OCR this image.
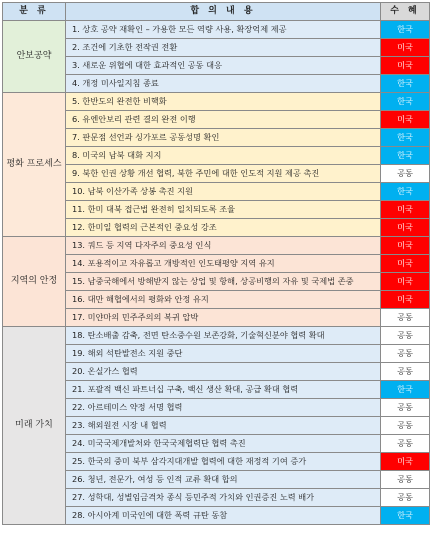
분 류	합 의 내 용	수 혜
안보공약	1. 상호 공약 재확인 – 가용한 모든 역량 사용, 확장억제 제공	한국
	2. 조건에 기초한 전작권 전환	미국
	3. 새로운 위협에 대한 효과적인 공동 대응	미국
	4. 개정 미사일지침 종료	한국
평화 프로세스	5. 한반도의 완전한 비핵화	한국
	6. 유엔안보리 관련 결의 완전 이행	미국
	7. 판문점 선언과 싱가포르 공동성명 확인	한국
	8. 미국의 남북 대화 지지	한국
	9. 북한 인권 상황 개선 협력, 북한 주민에 대한 인도적 지원 제공 촉진	공동
	10. 남북 이산가족 상봉 촉진 지원	한국
	11. 한미 대북 접근법 완전히 일치되도록 조율	미국
	12. 한미일 협력의 근본적인 중요성 강조	미국
지역의 안정	13. 쿼드 등 지역 다자주의 중요성 인식	미국
	14. 포용적이고 자유롭고 개방적인 인도태평양 지역 유지	미국
	15. 남중국해에서 방해받지 않는 상업 및 항해, 상공비행의 자유 및 국제법 존중	미국
	16. 대만 해협에서의 평화와 안정 유지	미국
	17. 미얀마의 민주주의의 복귀 압박	공동
미래 가치	18. 탄소배출 감축, 전면 탄소중수원 보존강화, 기술혁신분야 협력 확대	공동
	19. 해외 석탄발전소 지원 중단	공동
	20. 온실가스 협력	공동
	21. 포괄적 백신 파트너십 구축, 백신 생산 확대, 공급 확대 협력	한국
	22. 아르테미스 약정 서명 협력	공동
	23. 해외원전 시장 내 협력	공동
	24. 미국국제개발처와 한국국제협력단 협력 촉진	공동
	25. 한국의 중미 북부 삼각지대개발 협력에 대한 재정적 기여 증가	미국
	26. 청년, 전문가, 여성 등 인적 교류 확대 합의	공동
	27. 성학대, 성별임금격차 종식 등민주적 가치와 인권증진 노력 배가	공동
	28. 아시아계 미국인에 대한 폭력 규탄 동참	한국
